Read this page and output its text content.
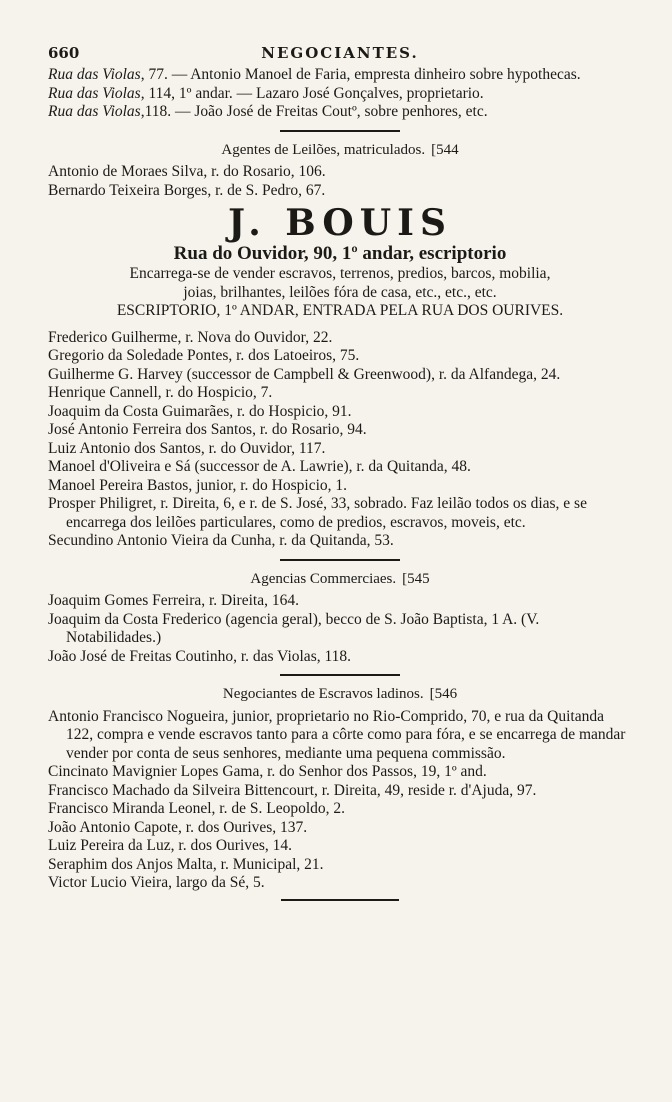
660	NEGOCIANTES.

Rua das Violas, 77. — Antonio Manoel de Faria, empresta dinheiro sobre hypothecas.

Rua das Violas, 114, 1º andar. — Lazaro José Gonçalves, proprietario.

Rua das Violas,118. — João José de Freitas Coutº, sobre penhores, etc.

Agentes de Leilões, matriculados. [544

Antonio de Moraes Silva, r. do Rosario, 106.

Bernardo Teixeira Borges, r. de S. Pedro, 67.

J. BOUIS

Rua do Ouvidor, 90, 1º andar, escriptorio

Encarrega-se de vender escravos, terrenos, predios, barcos, mobilia,

joias, brilhantes, leilões fóra de casa, etc., etc., etc.

ESCRIPTORIO, 1º ANDAR, ENTRADA PELA RUA DOS OURIVES.

Frederico Guilherme, r. Nova do Ouvidor, 22.

Gregorio da Soledade Pontes, r. dos Latoeiros, 75.

Guilherme G. Harvey (successor de Campbell & Greenwood), r. da Alfandega, 24.

Henrique Cannell, r. do Hospicio, 7.

Joaquim da Costa Guimarães, r. do Hospicio, 91.

José Antonio Ferreira dos Santos, r. do Rosario, 94.

Luiz Antonio dos Santos, r. do Ouvidor, 117.

Manoel d'Oliveira e Sá (successor de A. Lawrie), r. da Quitanda, 48.

Manoel Pereira Bastos, junior, r. do Hospicio, 1.

Prosper Philigret, r. Direita, 6, e r. de S. José, 33, sobrado. Faz leilão todos os dias, e se encarrega dos leilões particulares, como de predios, escravos, moveis, etc.

Secundino Antonio Vieira da Cunha, r. da Quitanda, 53.

Agencias Commerciaes. [545

Joaquim Gomes Ferreira, r. Direita, 164.

Joaquim da Costa Frederico (agencia geral), becco de S. João Baptista, 1 A. (V. Notabilidades.)

João José de Freitas Coutinho, r. das Violas, 118.

Negociantes de Escravos ladinos. [546

Antonio Francisco Nogueira, junior, proprietario no Rio-Comprido, 70, e rua da Quitanda 122, compra e vende escravos tanto para a côrte como para fóra, e se encarrega de mandar vender por conta de seus senhores, mediante uma pequena commissão.

Cincinato Mavignier Lopes Gama, r. do Senhor dos Passos, 19, 1º and.

Francisco Machado da Silveira Bittencourt, r. Direita, 49, reside r. d'Ajuda, 97.

Francisco Miranda Leonel, r. de S. Leopoldo, 2.

João Antonio Capote, r. dos Ourives, 137.

Luiz Pereira da Luz, r. dos Ourives, 14.

Seraphim dos Anjos Malta, r. Municipal, 21.

Victor Lucio Vieira, largo da Sé, 5.
